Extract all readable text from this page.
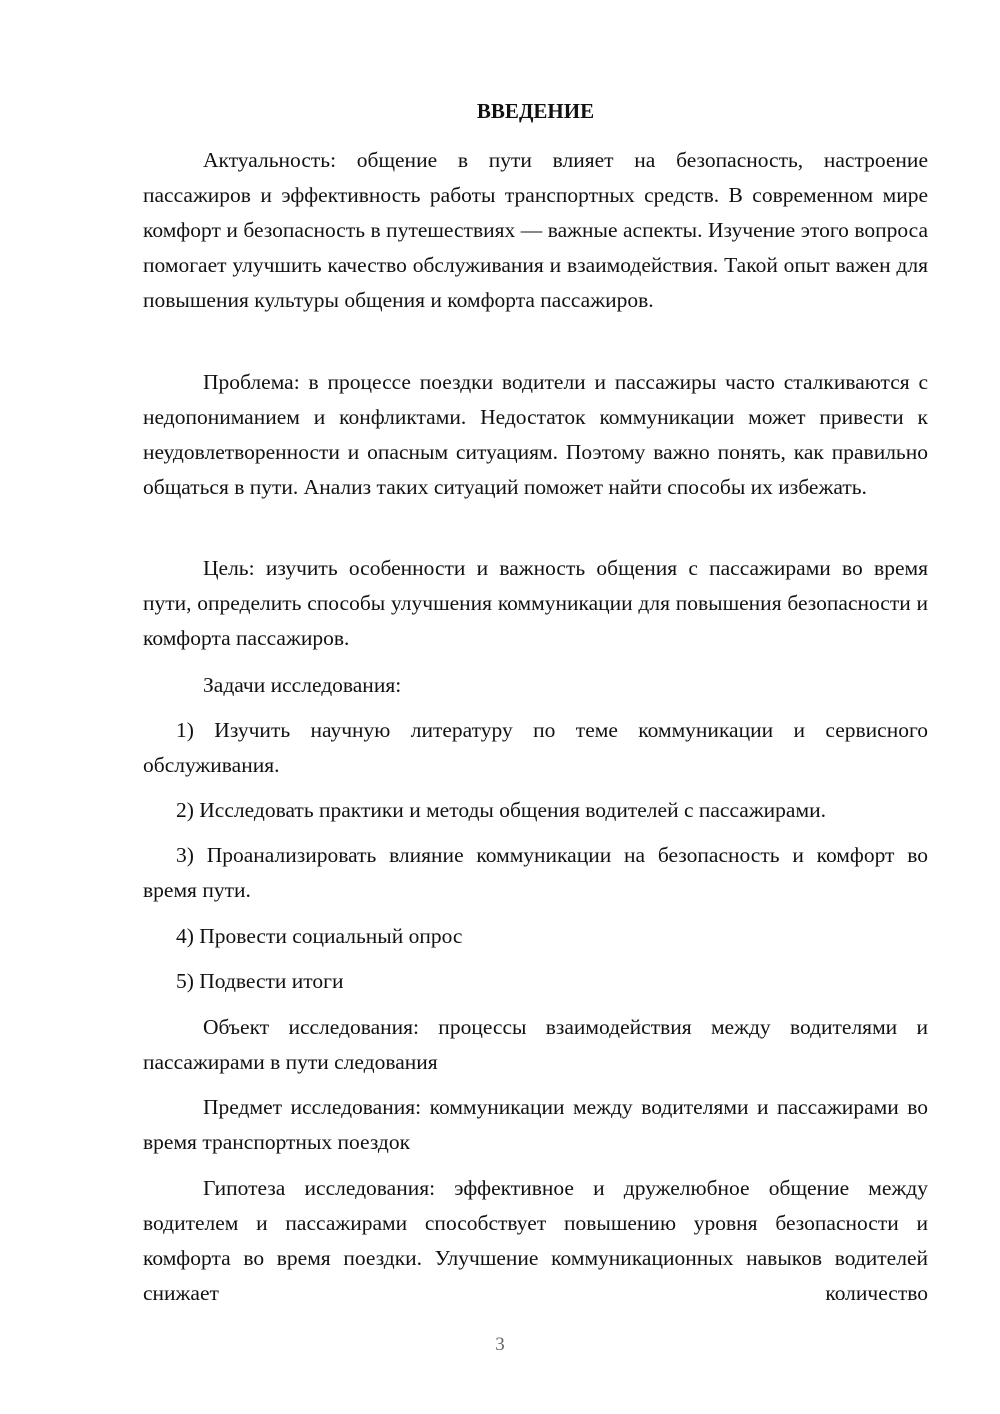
ВВЕДЕНИЕ

Актуальность: общение в пути влияет на безопасность, настроение пассажиров и эффективность работы транспортных средств. В современном мире комфорт и безопасность в путешествиях — важные аспекты. Изучение этого вопроса помогает улучшить качество обслуживания и взаимодействия. Такой опыт важен для повышения культуры общения и комфорта пассажиров.

Проблема: в процессе поездки водители и пассажиры часто сталкиваются с недопониманием и конфликтами. Недостаток коммуникации может привести к неудовлетворенности и опасным ситуациям. Поэтому важно понять, как правильно общаться в пути. Анализ таких ситуаций поможет найти способы их избежать.

Цель: изучить особенности и важность общения с пассажирами во время пути, определить способы улучшения коммуникации для повышения безопасности и комфорта пассажиров.

Задачи исследования:

1) Изучить научную литературу по теме коммуникации и сервисного обслуживания.

2) Исследовать практики и методы общения водителей с пассажирами.

3) Проанализировать влияние коммуникации на безопасность и комфорт во время пути.

4) Провести социальный опрос

5) Подвести итоги

Объект исследования: процессы взаимодействия между водителями и пассажирами в пути следования

Предмет исследования: коммуникации между водителями и пассажирами во время транспортных поездок

Гипотеза исследования: эффективное и дружелюбное общение между водителем и пассажирами способствует повышению уровня безопасности и комфорта во время поездки. Улучшение коммуникационных навыков водителей снижает количество

3
